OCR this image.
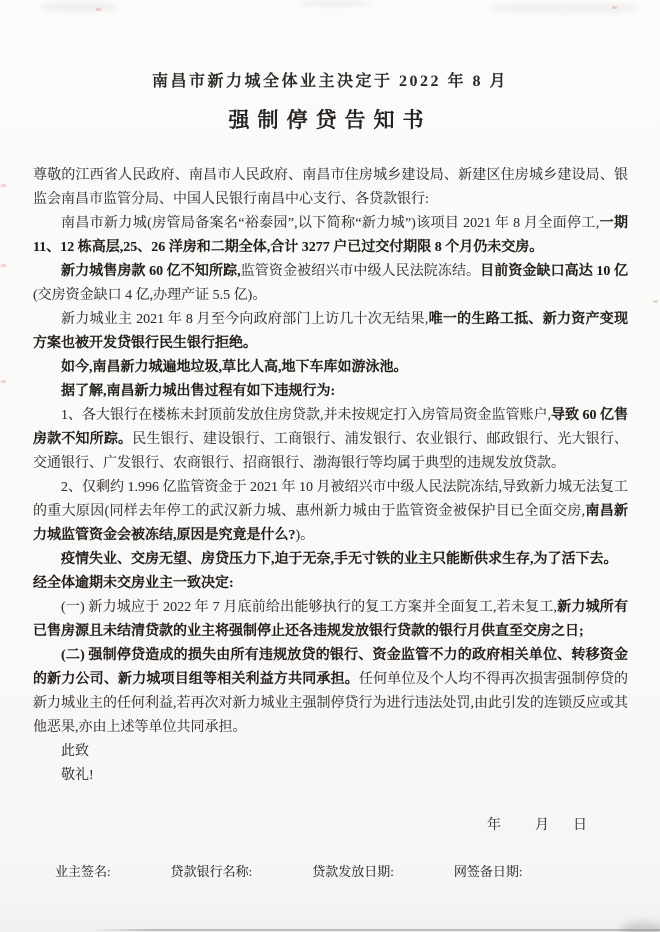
南昌市新力城全体业主决定于 2022 年 8 月
强制停贷告知书

尊敬的江西省人民政府、南昌市人民政府、南昌市住房城乡建设局、新建区住房城乡建设局、银监会南昌市监管分局、中国人民银行南昌中心支行、各贷款银行:

南昌市新力城(房管局备案名“裕泰园”,以下简称“新力城”)该项目 2021 年 8 月全面停工,一期 11、12 栋高层,25、26 洋房和二期全体,合计 3277 户已过交付期限 8 个月仍未交房。

新力城售房款 60 亿不知所踪,监管资金被绍兴市中级人民法院冻结。目前资金缺口高达 10 亿(交房资金缺口 4 亿,办理产证 5.5 亿)。

新力城业主 2021 年 8 月至今向政府部门上访几十次无结果,唯一的生路工抵、新力资产变现方案也被开发贷银行民生银行拒绝。

如今,南昌新力城遍地垃圾,草比人高,地下车库如游泳池。

据了解,南昌新力城出售过程有如下违规行为:

1、各大银行在楼栋未封顶前发放住房贷款,并未按规定打入房管局资金监管账户,导致 60 亿售房款不知所踪。民生银行、建设银行、工商银行、浦发银行、农业银行、邮政银行、光大银行、交通银行、广发银行、农商银行、招商银行、渤海银行等均属于典型的违规发放贷款。

2、仅剩约 1.996 亿监管资金于 2021 年 10 月被绍兴市中级人民法院冻结,导致新力城无法复工的重大原因(同样去年停工的武汉新力城、惠州新力城由于监管资金被保护目已全面交房,南昌新力城监管资金会被冻结,原因是究竟是什么?)。

疫情失业、交房无望、房贷压力下,迫于无奈,手无寸铁的业主只能断供求生存,为了活下去。

经全体逾期未交房业主一致决定:

(一) 新力城应于 2022 年 7 月底前给出能够执行的复工方案并全面复工,若未复工,新力城所有已售房源且未结清贷款的业主将强制停止还各违规发放银行贷款的银行月供直至交房之日;

(二) 强制停贷造成的损失由所有违规放贷的银行、资金监管不力的政府相关单位、转移资金的新力公司、新力城项目组等相关利益方共同承担。任何单位及个人均不得再次损害强制停贷的新力城业主的任何利益,若再次对新力城业主强制停贷行为进行违法处罚,由此引发的连锁反应或其他恶果,亦由上述等单位共同承担。

此致

敬礼!

年 月 日
业主签名:	贷款银行名称:	贷款发放日期:	网签备日期:
